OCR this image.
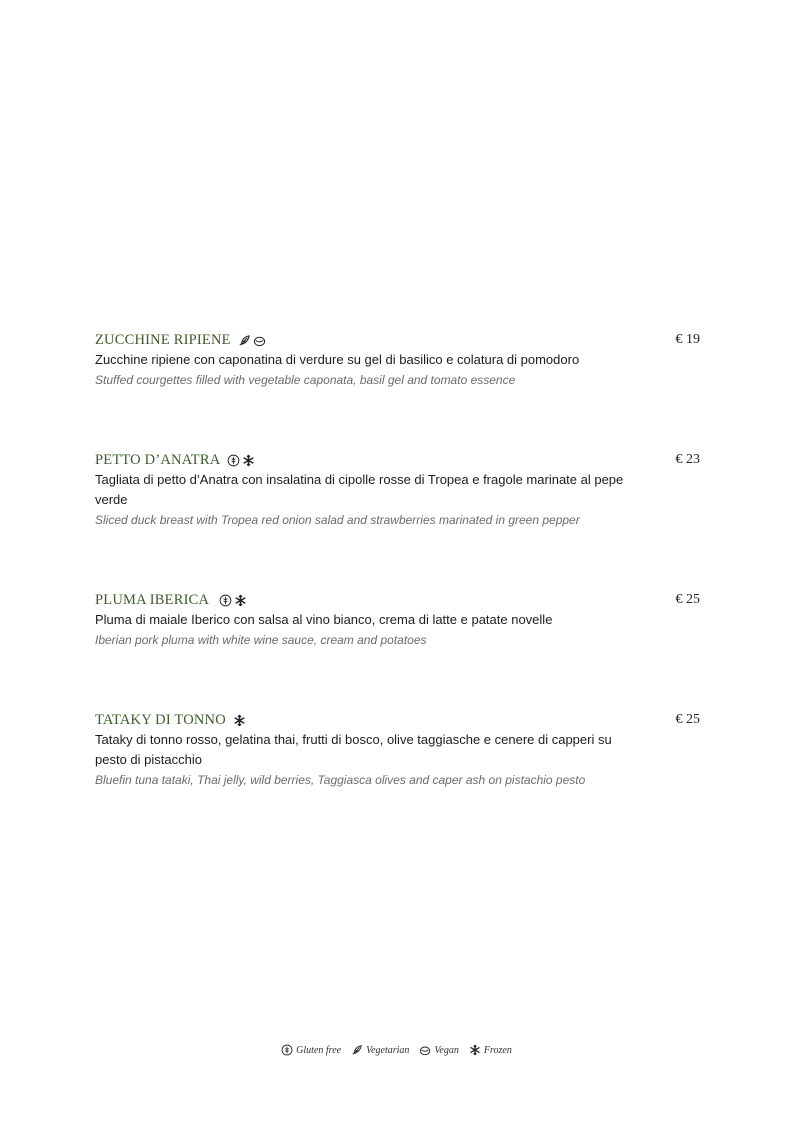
ZUCCHINE RIPIENE	€ 19

Zucchine ripiene con caponatina di verdure su gel di basilico e colatura di pomodoro

Stuffed courgettes filled with vegetable caponata, basil gel and tomato essence

PETTO D’ANATRA	€ 23

Tagliata di petto d’Anatra con insalatina di cipolle rosse di Tropea e fragole marinate al pepe verde

Sliced duck breast with Tropea red onion salad and strawberries marinated in green pepper

PLUMA IBERICA	€ 25

Pluma di maiale Iberico con salsa al vino bianco, crema di latte e patate novelle

Iberian pork pluma with white wine sauce, cream and potatoes

TATAKY DI TONNO	€ 25

Tataky di tonno rosso, gelatina thai, frutti di bosco, olive taggiasche e cenere di capperi su pesto di pistacchio

Bluefin tuna tataki, Thai jelly, wild berries, Taggiasca olives and caper ash on pistachio pesto

Gluten free	Vegetarian	Vegan	Frozen
